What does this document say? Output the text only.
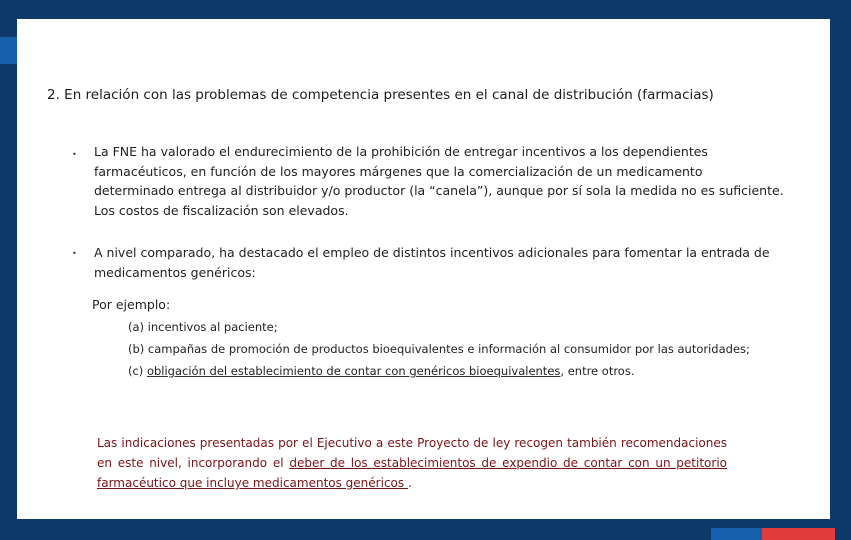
2. En relación con las problemas de competencia presentes en el canal de distribución (farmacias)
• La FNE ha valorado el endurecimiento de la prohibición de entregar incentivos a los dependientes farmacéuticos, en función de los mayores márgenes que la comercialización de un medicamento determinado entrega al distribuidor y/o productor (la “canela”), aunque por sí sola la medida no es suficiente. Los costos de fiscalización son elevados.
• A nivel comparado, ha destacado el empleo de distintos incentivos adicionales para fomentar la entrada de medicamentos genéricos:
Por ejemplo:
(a) incentivos al paciente;
(b) campañas de promoción de productos bioequivalentes e información al consumidor por las autoridades;
(c) obligación del establecimiento de contar con genéricos bioequivalentes, entre otros.
Las indicaciones presentadas por el Ejecutivo a este Proyecto de ley recogen también recomendaciones en este nivel, incorporando el deber de los establecimientos de expendio de contar con un petitorio farmacéutico que incluye medicamentos genéricos .
